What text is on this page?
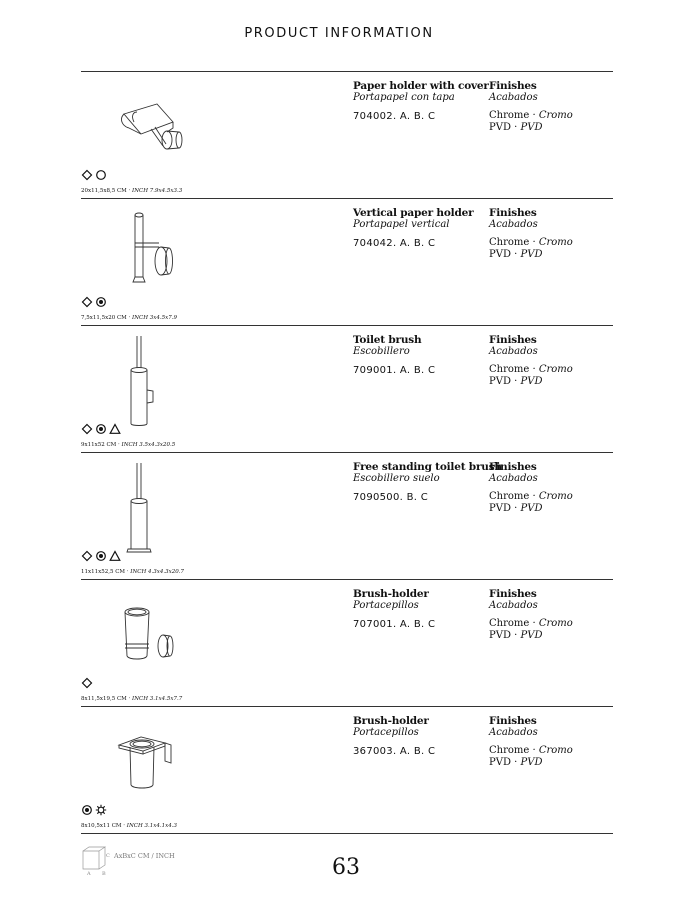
PRODUCT INFORMATION
20x11,5x8,5 CM · INCH 7.9x4.5x3.3
Paper holder with cover
Portapapel con tapa
704002. A. B. C
Finishes
Acabados
Chrome · Cromo
PVD · PVD
7,5x11,5x20 CM · INCH 3x4.5x7.9
Vertical paper holder
Portapapel vertical
704042. A. B. C
Finishes
Acabados
Chrome · Cromo
PVD · PVD
9x11x52 CM · INCH 3.5x4.3x20.5
Toilet brush
Escobillero
709001. A. B. C
Finishes
Acabados
Chrome · Cromo
PVD · PVD
11x11x52,5 CM · INCH 4.3x4.3x20.7
Free standing toilet brush
Escobillero suelo
7090500. B. C
Finishes
Acabados
Chrome · Cromo
PVD · PVD
8x11,5x19,5 CM · INCH 3.1x4.5x7.7
Brush-holder
Portacepillos
707001. A. B. C
Finishes
Acabados
Chrome · Cromo
PVD · PVD
8x10,5x11 CM · INCH 3.1x4.1x4.3
Brush-holder
Portacepillos
367003. A. B. C
Finishes
Acabados
Chrome · Cromo
PVD · PVD
C AxBxC CM / INCH
A B	63
